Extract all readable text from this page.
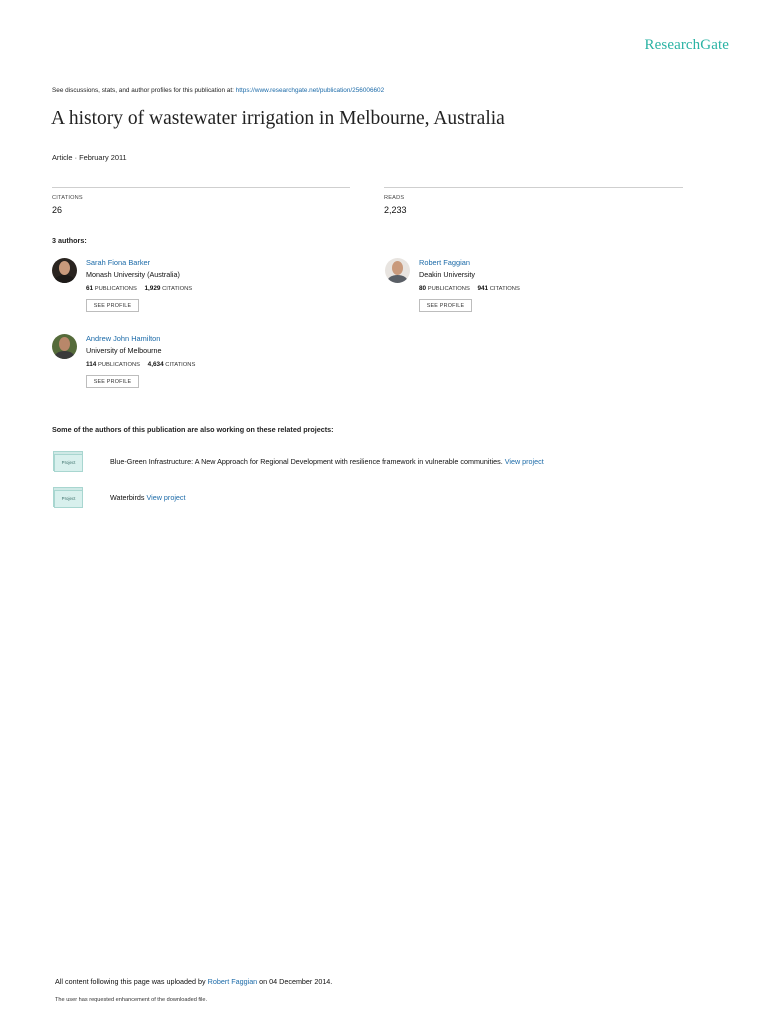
ResearchGate
See discussions, stats, and author profiles for this publication at: https://www.researchgate.net/publication/256006602
A history of wastewater irrigation in Melbourne, Australia
Article · February 2011
CITATIONS
26
READS
2,233
3 authors:
Sarah Fiona Barker
Monash University (Australia)
61 PUBLICATIONS 1,929 CITATIONS
SEE PROFILE
Robert Faggian
Deakin University
80 PUBLICATIONS 941 CITATIONS
SEE PROFILE
Andrew John Hamilton
University of Melbourne
114 PUBLICATIONS 4,634 CITATIONS
SEE PROFILE
Some of the authors of this publication are also working on these related projects:
Project	Blue-Green Infrastructure: A New Approach for Regional Development with resilience framework in vulnerable communities. View project
Project	Waterbirds View project
All content following this page was uploaded by Robert Faggian on 04 December 2014.
The user has requested enhancement of the downloaded file.
